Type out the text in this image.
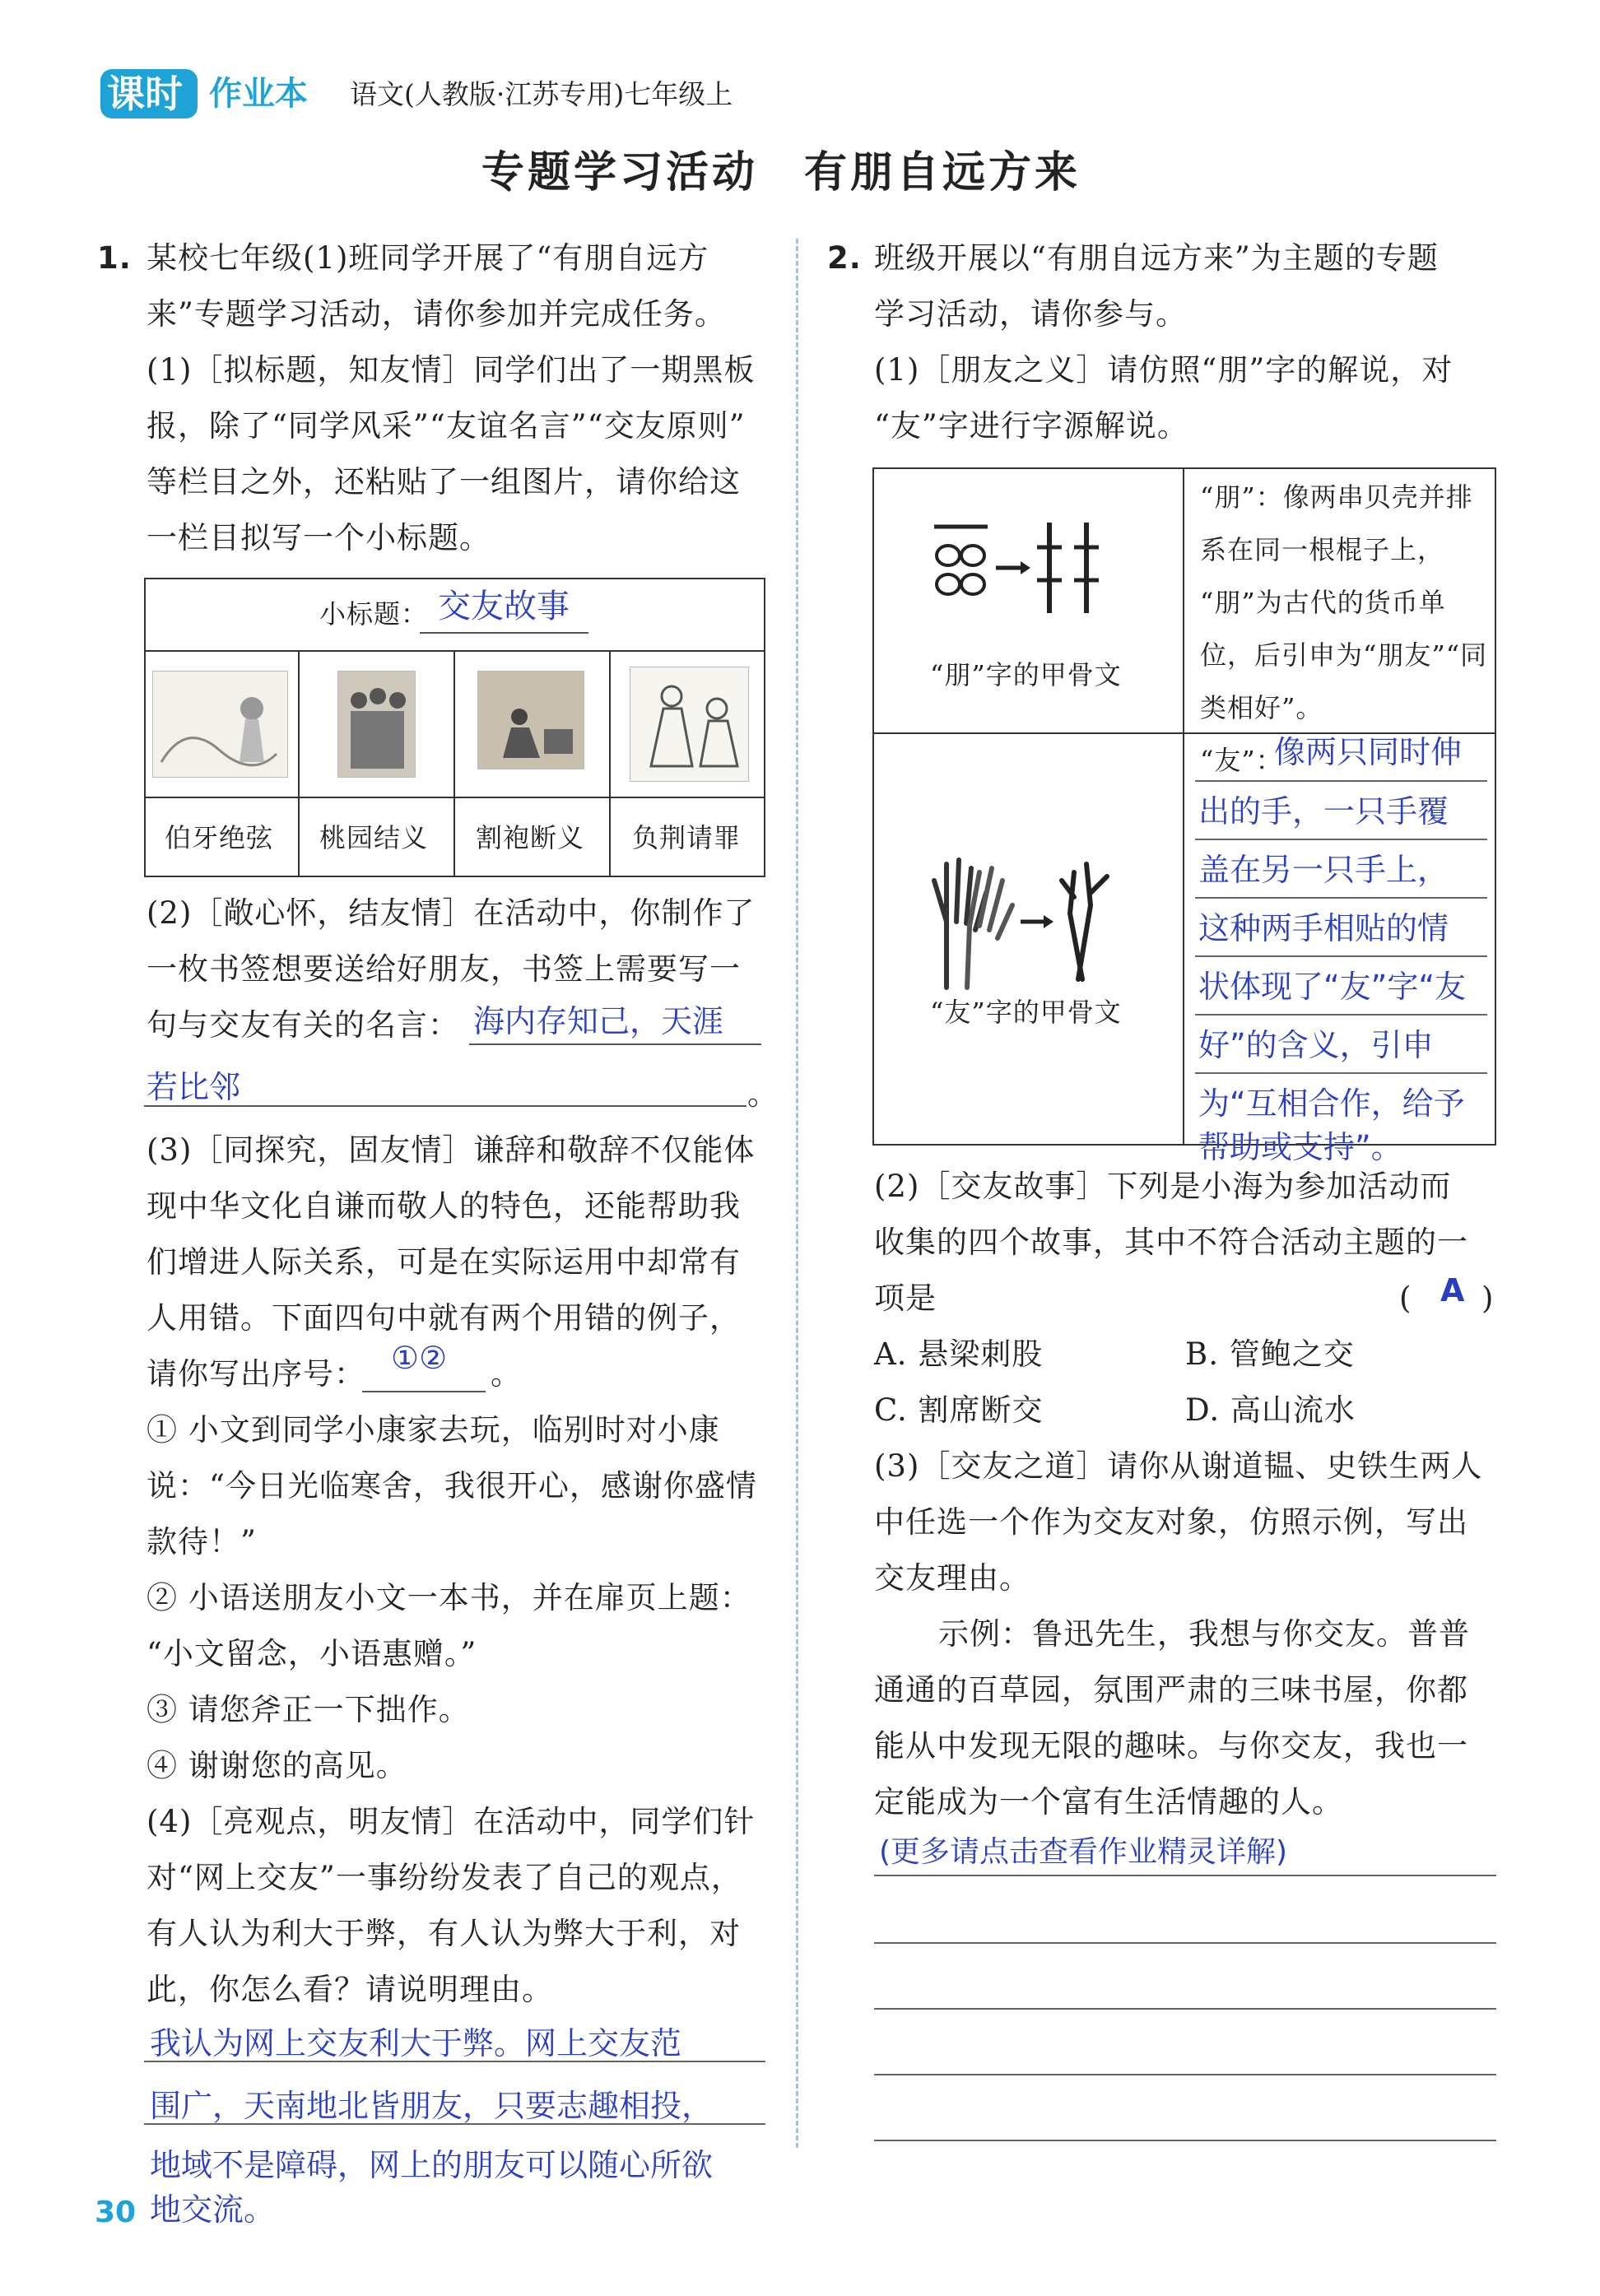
课时 作业本 语文(人教版·江苏专用)七年级上
专题学习活动　有朋自远方来
1. 某校七年级(1)班同学开展了“有朋自远方
来”专题学习活动，请你参加并完成任务。
(1)［拟标题，知友情］同学们出了一期黑板
报，除了“同学风采”“友谊名言”“交友原则”
等栏目之外，还粘贴了一组图片，请你给这
一栏目拟写一个小标题。
小标题： 交友故事
伯牙绝弦 桃园结义 割袍断义 负荆请罪
(2)［敞心怀，结友情］在活动中，你制作了
一枚书签想要送给好朋友，书签上需要写一
句与交友有关的名言： 海内存知己，天涯
若比邻	。
(3)［同探究，固友情］谦辞和敬辞不仅能体
现中华文化自谦而敬人的特色，还能帮助我
们增进人际关系，可是在实际运用中却常有
人用错。下面四句中就有两个用错的例子，
请你写出序号： ①② 。
① 小文到同学小康家去玩，临别时对小康
说：“今日光临寒舍，我很开心，感谢你盛情
款待！”
② 小语送朋友小文一本书，并在扉页上题：
“小文留念，小语惠赠。”
③ 请您斧正一下拙作。
④ 谢谢您的高见。
(4)［亮观点，明友情］在活动中，同学们针
对“网上交友”一事纷纷发表了自己的观点，
有人认为利大于弊，有人认为弊大于利，对
此，你怎么看？请说明理由。
我认为网上交友利大于弊。网上交友范
围广，天南地北皆朋友，只要志趣相投，
地域不是障碍，网上的朋友可以随心所欲
地交流。
30
2. 班级开展以“有朋自远方来”为主题的专题
学习活动，请你参与。
(1)［朋友之义］请仿照“朋”字的解说，对
“友”字进行字源解说。
“朋”字的甲骨文
“朋”：像两串贝壳并排
系在同一根棍子上，
“朋”为古代的货币单
位，后引申为“朋友”“同
类相好”。
“友”字的甲骨文
“友”：
像两只同时伸
出的手，一只手覆
盖在另一只手上，
这种两手相贴的情
状体现了“友”字“友
好”的含义，引申
为“互相合作，给予
帮助或支持”。
(2)［交友故事］下列是小海为参加活动而
收集的四个故事，其中不符合活动主题的一
项是	( A )
A. 悬梁刺股	B. 管鲍之交
C. 割席断交	D. 高山流水
(3)［交友之道］请你从谢道韫、史铁生两人
中任选一个作为交友对象，仿照示例，写出
交友理由。
示例：鲁迅先生，我想与你交友。普普
通通的百草园，氛围严肃的三味书屋，你都
能从中发现无限的趣味。与你交友，我也一
定能成为一个富有生活情趣的人。
(更多请点击查看作业精灵详解)
